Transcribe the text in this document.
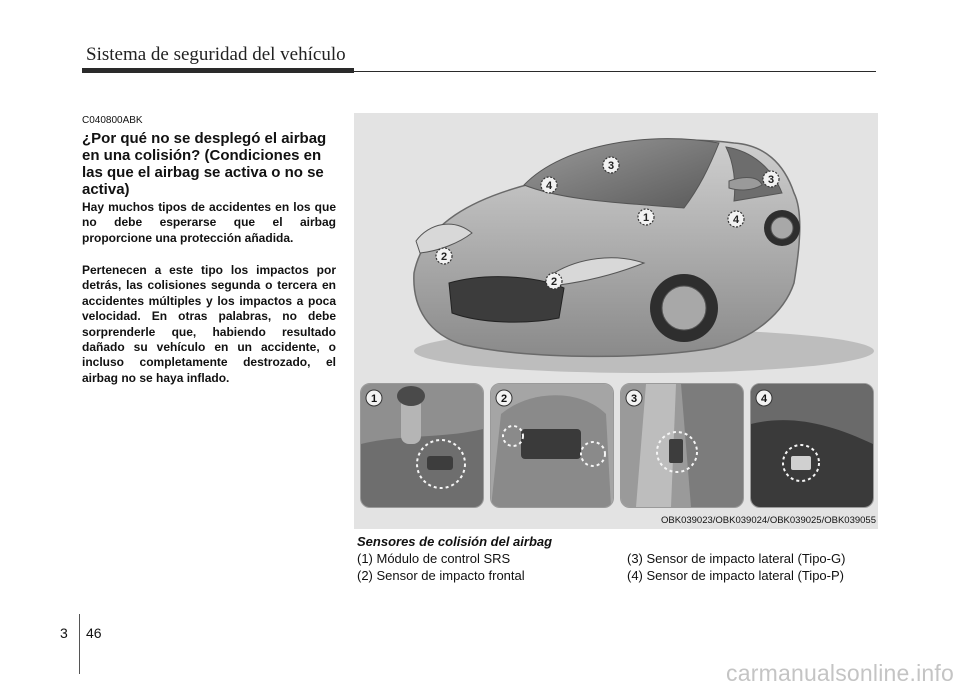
Sistema de seguridad del vehículo
C040800ABK
¿Por qué no se desplegó el airbag en una colisión? (Condiciones en las que el airbag se activa o no se activa)
Hay muchos tipos de accidentes en los que no debe esperarse que el airbag proporcione una protección añadida.
Pertenecen a este tipo los impactos por detrás, las colisiones segunda o tercera en accidentes múltiples y los impactos a poca velocidad. En otras palabras, no debe sorprenderle que, habiendo resultado dañado su vehículo en un accidente, o incluso completamente destrozado, el airbag no se haya inflado.
1
2
2
3
3
4
4
1	2	3	4
OBK039023/OBK039024/OBK039025/OBK039055
Sensores de colisión del airbag
(1) Módulo de control SRS
(2) Sensor de impacto frontal
(3) Sensor de impacto lateral (Tipo-G)
(4) Sensor de impacto lateral (Tipo-P)
3 46
carmanualsonline.info
